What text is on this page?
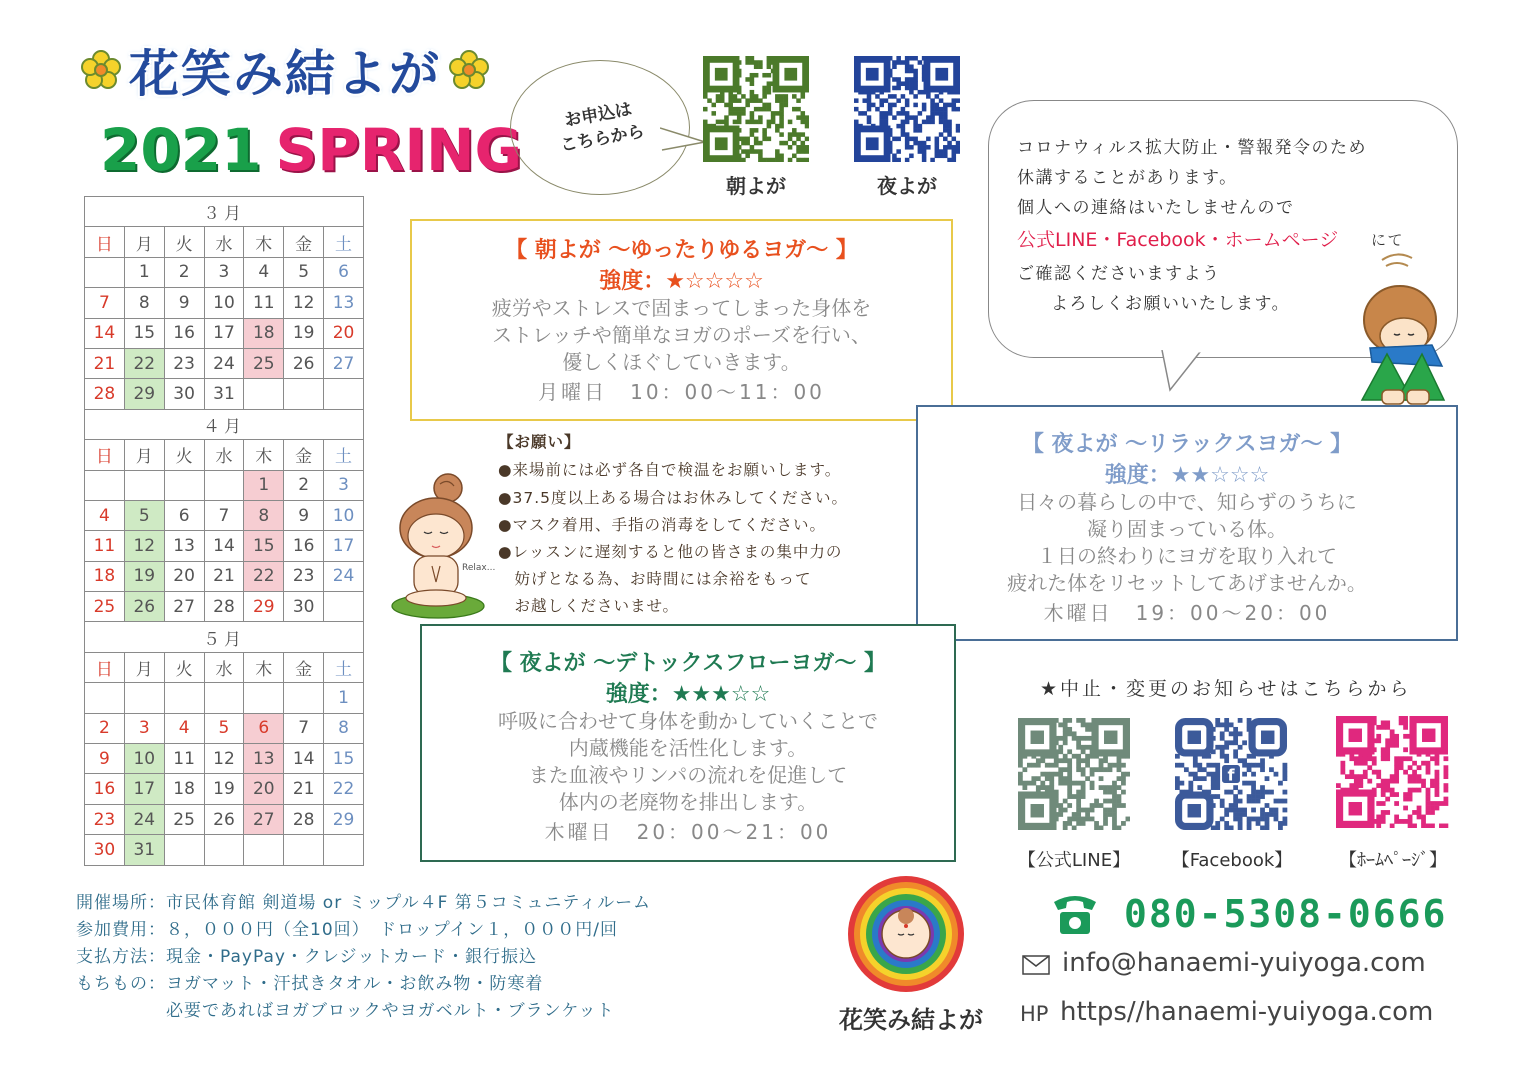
花笑み結よが
2021 SPRING
お申込は
こちらから
朝よが	夜よが
３月						
日	月	火	水	木	金	土
	1	2	3	4	5	6
7	8	9	10	11	12	13
14	15	16	17	18	19	20
21	22	23	24	25	26	27
28	29	30	31			
４月						
日	月	火	水	木	金	土
				1	2	3
4	5	6	7	8	9	10
11	12	13	14	15	16	17
18	19	20	21	22	23	24
25	26	27	28	29	30	
５月						
日	月	火	水	木	金	土
						1
2	3	4	5	6	7	8
9	10	11	12	13	14	15
16	17	18	19	20	21	22
23	24	25	26	27	28	29
30	31					
【 朝よが ～ゆったりゆるヨガ～ 】
強度：★☆☆☆☆
疲労やストレスで固まってしまった身体を
ストレッチや簡単なヨガのポーズを行い、
優しくほぐしていきます。
月曜日　10：00～11：00
【 夜よが ～リラックスヨガ～ 】
強度：★★☆☆☆
日々の暮らしの中で、知らずのうちに
凝り固まっている体。
１日の終わりにヨガを取り入れて
疲れた体をリセットしてあげませんか。
木曜日　19：00～20：00
【 夜よが ～デトックスフローヨガ～ 】
強度：★★★☆☆
呼吸に合わせて身体を動かしていくことで
内蔵機能を活性化します。
また血液やリンパの流れを促進して
体内の老廃物を排出します。
木曜日　20：00～21：00
コロナウィルス拡大防止・警報発令のため
休講することがあります。
個人への連絡はいたしませんので
公式LINE・Facebook・ホームページ にて
ご確認くださいますよう
よろしくお願いいたします。
【お願い】
●来場前には必ず各自で検温をお願いします。
●37.5度以上ある場合はお休みしてください。
●マスク着用、手指の消毒をしてください。
●レッスンに遅刻すると他の皆さまの集中力の
　妨げとなる為、お時間には余裕をもって
　お越しくださいませ。
Relax...
★中止・変更のお知らせはこちらから
f
【公式LINE】	【Facebook】	【ﾎｰﾑﾍﾟｰｼﾞ】
080-5308-0666
info@hanaemi-yuiyoga.com
HP https//hanaemi-yuiyoga.com
花笑み結よが
開催場所：市民体育館 剣道場 or ミップル４F 第５コミュニティルーム
参加費用：８，０００円（全10回）　ドロップイン１，０００円/回
支払方法：現金・PayPay・クレジットカード・銀行振込
もちもの：ヨガマット・汗拭きタオル・お飲み物・防寒着
　　　　　必要であればヨガブロックやヨガベルト・ブランケット
